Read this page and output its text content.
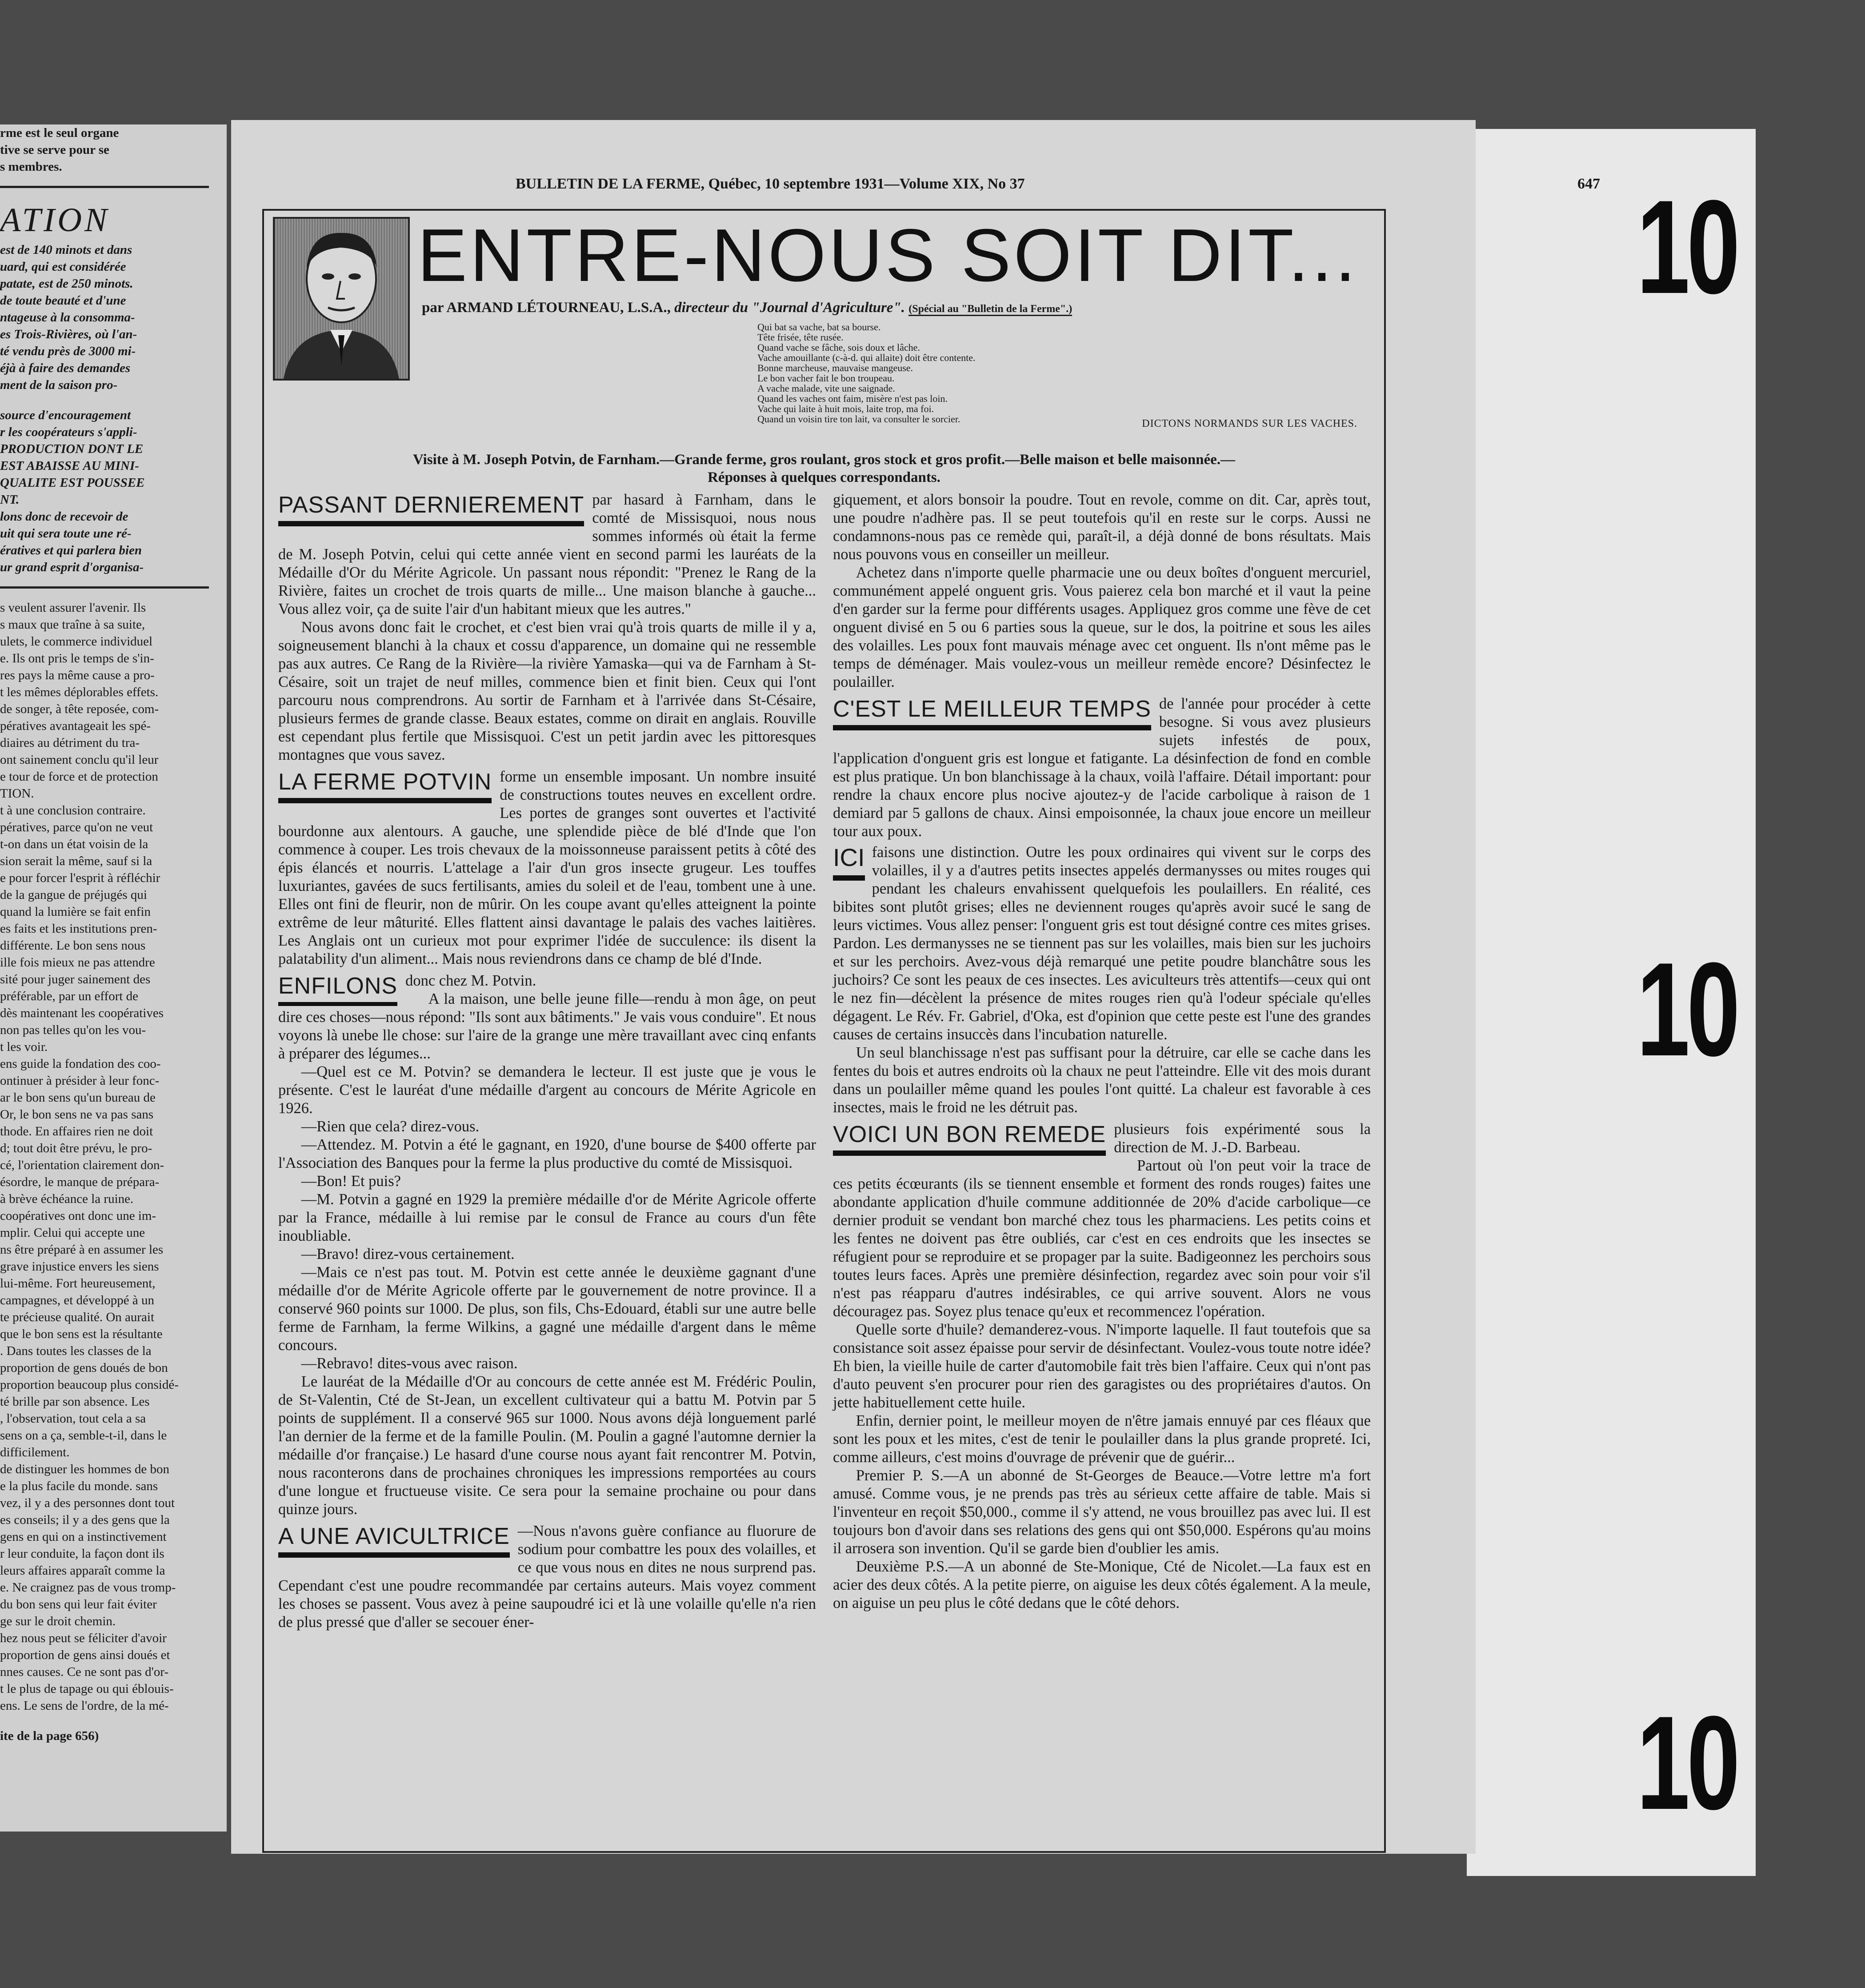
rme est le seul organe

tive se serve pour se

s membres.

ATION

est de 140 minots et dans

uard, qui est considérée

patate, est de 250 minots.

de toute beauté et d'une

ntageuse à la consomma-

es Trois-Rivières, où l'an-

té vendu près de 3000 mi-

éjà à faire des demandes

ment de la saison pro-

source d'encouragement

r les coopérateurs s'appli-

PRODUCTION DONT LE

EST ABAISSE AU MINI-

QUALITE EST POUSSEE

NT.

lons donc de recevoir de

uit qui sera toute une ré-

ératives et qui parlera bien

ur grand esprit d'organisa-

s veulent assurer l'avenir. Ils

s maux que traîne à sa suite,

ulets, le commerce individuel

e. Ils ont pris le temps de s'in-

res pays la même cause a pro-

t les mêmes déplorables effets.

de songer, à tête reposée, com-

pératives avantageait les spé-

diaires au détriment du tra-

ont sainement conclu qu'il leur

e tour de force et de protection

TION.

t à une conclusion contraire.

pératives, parce qu'on ne veut

t-on dans un état voisin de la

sion serait la même, sauf si la

e pour forcer l'esprit à réfléchir

de la gangue de préjugés qui

quand la lumière se fait enfin

es faits et les institutions pren-

différente. Le bon sens nous

ille fois mieux ne pas attendre

sité pour juger sainement des

préférable, par un effort de

dès maintenant les coopératives

non pas telles qu'on les vou-

t les voir.

ens guide la fondation des coo-

ontinuer à présider à leur fonc-

ar le bon sens qu'un bureau de

Or, le bon sens ne va pas sans

thode. En affaires rien ne doit

d; tout doit être prévu, le pro-

cé, l'orientation clairement don-

ésordre, le manque de prépara-

à brève échéance la ruine.

coopératives ont donc une im-

mplir. Celui qui accepte une

ns être préparé à en assumer les

grave injustice envers les siens

lui-même. Fort heureusement,

campagnes, et développé à un

te précieuse qualité. On aurait

que le bon sens est la résultante

. Dans toutes les classes de la

proportion de gens doués de bon

proportion beaucoup plus considé-

té brille par son absence. Les

, l'observation, tout cela a sa

sens on a ça, semble-t-il, dans le

difficilement.

de distinguer les hommes de bon

e la plus facile du monde. sans

vez, il y a des personnes dont tout

es conseils; il y a des gens que la

gens en qui on a instinctivement

r leur conduite, la façon dont ils

leurs affaires apparaît comme la

e. Ne craignez pas de vous tromp-

du bon sens qui leur fait éviter

ge sur le droit chemin.

hez nous peut se féliciter d'avoir

proportion de gens ainsi doués et

nnes causes. Ce ne sont pas d'or-

t le plus de tapage ou qui éblouis-

ens. Le sens de l'ordre, de la mé-

ite de la page 656)

10
10
10
BULLETIN DE LA FERME, Québec, 10 septembre 1931—Volume XIX, No 37	647
ENTRE-NOUS SOIT DIT...
par ARMAND LÉTOURNEAU, L.S.A., directeur du "Journal d'Agriculture". (Spécial au "Bulletin de la Ferme".)
Qui bat sa vache, bat sa bourse.
Tête frisée, tête rusée.
Quand vache se fâche, sois doux et lâche.
Vache amouillante (c-à-d. qui allaite) doit être contente.
Bonne marcheuse, mauvaise mangeuse.
Le bon vacher fait le bon troupeau.
A vache malade, vite une saignade.
Quand les vaches ont faim, misère n'est pas loin.
Vache qui laite à huit mois, laite trop, ma foi.
Quand un voisin tire ton lait, va consulter le sorcier.	DICTONS NORMANDS SUR LES VACHES.
Visite à M. Joseph Potvin, de Farnham.—Grande ferme, gros roulant, gros stock et gros profit.—Belle maison et belle maisonnée.—
Réponses à quelques correspondants.

PASSANT DERNIEREMENT par hasard à Farnham, dans le comté de Missisquoi, nous nous sommes informés où était la ferme de M. Joseph Potvin, celui qui cette année vient en second parmi les lauréats de la Médaille d'Or du Mérite Agricole. Un passant nous répondit: "Prenez le Rang de la Rivière, faites un crochet de trois quarts de mille... Une maison blanche à gauche... Vous allez voir, ça de suite l'air d'un habitant mieux que les autres."

Nous avons donc fait le crochet, et c'est bien vrai qu'à trois quarts de mille il y a, soigneusement blanchi à la chaux et cossu d'apparence, un domaine qui ne ressemble pas aux autres. Ce Rang de la Rivière—la rivière Yamaska—qui va de Farnham à St-Césaire, soit un trajet de neuf milles, commence bien et finit bien. Ceux qui l'ont parcouru nous comprendrons. Au sortir de Farnham et à l'arrivée dans St-Césaire, plusieurs fermes de grande classe. Beaux estates, comme on dirait en anglais. Rouville est cependant plus fertile que Missisquoi. C'est un petit jardin avec les pittoresques montagnes que vous savez.

LA FERME POTVIN forme un ensemble imposant. Un nombre insuité de constructions toutes neuves en excellent ordre. Les portes de granges sont ouvertes et l'activité bourdonne aux alentours. A gauche, une splendide pièce de blé d'Inde que l'on commence à couper. Les trois chevaux de la moissonneuse paraissent petits à côté des épis élancés et nourris. L'attelage a l'air d'un gros insecte grugeur. Les touffes luxuriantes, gavées de sucs fertilisants, amies du soleil et de l'eau, tombent une à une. Elles ont fini de fleurir, non de mûrir. On les coupe avant qu'elles atteignent la pointe extrême de leur mâturité. Elles flattent ainsi davantage le palais des vaches laitières. Les Anglais ont un curieux mot pour exprimer l'idée de succulence: ils disent la palatability d'un aliment... Mais nous reviendrons dans ce champ de blé d'Inde.

ENFILONS donc chez M. Potvin.

A la maison, une belle jeune fille—rendu à mon âge, on peut dire ces choses—nous répond: "Ils sont aux bâtiments." Je vais vous conduire". Et nous voyons là unebe lle chose: sur l'aire de la grange une mère travaillant avec cinq enfants à préparer des légumes...

—Quel est ce M. Potvin? se demandera le lecteur. Il est juste que je vous le présente. C'est le lauréat d'une médaille d'argent au concours de Mérite Agricole en 1926.

—Rien que cela? direz-vous.

—Attendez. M. Potvin a été le gagnant, en 1920, d'une bourse de $400 offerte par l'Association des Banques pour la ferme la plus productive du comté de Missisquoi.

—Bon! Et puis?

—M. Potvin a gagné en 1929 la première médaille d'or de Mérite Agricole offerte par la France, médaille à lui remise par le consul de France au cours d'un fête inoubliable.

—Bravo! direz-vous certainement.

—Mais ce n'est pas tout. M. Potvin est cette année le deuxième gagnant d'une médaille d'or de Mérite Agricole offerte par le gouvernement de notre province. Il a conservé 960 points sur 1000. De plus, son fils, Chs-Edouard, établi sur une autre belle ferme de Farnham, la ferme Wilkins, a gagné une médaille d'argent dans le même concours.

—Rebravo! dites-vous avec raison.

Le lauréat de la Médaille d'Or au concours de cette année est M. Frédéric Poulin, de St-Valentin, Cté de St-Jean, un excellent cultivateur qui a battu M. Potvin par 5 points de supplément. Il a conservé 965 sur 1000. Nous avons déjà longuement parlé l'an dernier de la ferme et de la famille Poulin. (M. Poulin a gagné l'automne dernier la médaille d'or française.) Le hasard d'une course nous ayant fait rencontrer M. Potvin, nous raconterons dans de prochaines chroniques les impressions remportées au cours d'une longue et fructueuse visite. Ce sera pour la semaine prochaine ou pour dans quinze jours.

A UNE AVICULTRICE —Nous n'avons guère confiance au fluorure de sodium pour combattre les poux des volailles, et ce que vous nous en dites ne nous surprend pas. Cependant c'est une poudre recommandée par certains auteurs. Mais voyez comment les choses se passent. Vous avez à peine saupoudré ici et là une volaille qu'elle n'a rien de plus pressé que d'aller se secouer éner-

giquement, et alors bonsoir la poudre. Tout en revole, comme on dit. Car, après tout, une poudre n'adhère pas. Il se peut toutefois qu'il en reste sur le corps. Aussi ne condamnons-nous pas ce remède qui, paraît-il, a déjà donné de bons résultats. Mais nous pouvons vous en conseiller un meilleur.

Achetez dans n'importe quelle pharmacie une ou deux boîtes d'onguent mercuriel, communément appelé onguent gris. Vous paierez cela bon marché et il vaut la peine d'en garder sur la ferme pour différents usages. Appliquez gros comme une fève de cet onguent divisé en 5 ou 6 parties sous la queue, sur le dos, la poitrine et sous les ailes des volailles. Les poux font mauvais ménage avec cet onguent. Ils n'ont même pas le temps de déménager. Mais voulez-vous un meilleur remède encore? Désinfectez le poulailler.

C'EST LE MEILLEUR TEMPS de l'année pour procéder à cette besogne. Si vous avez plusieurs sujets infestés de poux, l'application d'onguent gris est longue et fatigante. La désinfection de fond en comble est plus pratique. Un bon blanchissage à la chaux, voilà l'affaire. Détail important: pour rendre la chaux encore plus nocive ajoutez-y de l'acide carbolique à raison de 1 demiard par 5 gallons de chaux. Ainsi empoisonnée, la chaux joue encore un meilleur tour aux poux.

ICI faisons une distinction. Outre les poux ordinaires qui vivent sur le corps des volailles, il y a d'autres petits insectes appelés dermanysses ou mites rouges qui pendant les chaleurs envahissent quelquefois les poulaillers. En réalité, ces bibites sont plutôt grises; elles ne deviennent rouges qu'après avoir sucé le sang de leurs victimes. Vous allez penser: l'onguent gris est tout désigné contre ces mites grises. Pardon. Les dermanysses ne se tiennent pas sur les volailles, mais bien sur les juchoirs et sur les perchoirs. Avez-vous déjà remarqué une petite poudre blanchâtre sous les juchoirs? Ce sont les peaux de ces insectes. Les aviculteurs très attentifs—ceux qui ont le nez fin—décèlent la présence de mites rouges rien qu'à l'odeur spéciale qu'elles dégagent. Le Rév. Fr. Gabriel, d'Oka, est d'opinion que cette peste est l'une des grandes causes de certains insuccès dans l'incubation naturelle.

Un seul blanchissage n'est pas suffisant pour la détruire, car elle se cache dans les fentes du bois et autres endroits où la chaux ne peut l'atteindre. Elle vit des mois durant dans un poulailler même quand les poules l'ont quitté. La chaleur est favorable à ces insectes, mais le froid ne les détruit pas.

VOICI UN BON REMEDE plusieurs fois expérimenté sous la direction de M. J.-D. Barbeau.

Partout où l'on peut voir la trace de ces petits écœurants (ils se tiennent ensemble et forment des ronds rouges) faites une abondante application d'huile commune additionnée de 20% d'acide carbolique—ce dernier produit se vendant bon marché chez tous les pharmaciens. Les petits coins et les fentes ne doivent pas être oubliés, car c'est en ces endroits que les insectes se réfugient pour se reproduire et se propager par la suite. Badigeonnez les perchoirs sous toutes leurs faces. Après une première désinfection, regardez avec soin pour voir s'il n'est pas réapparu d'autres indésirables, ce qui arrive souvent. Alors ne vous découragez pas. Soyez plus tenace qu'eux et recommencez l'opération.

Quelle sorte d'huile? demanderez-vous. N'importe laquelle. Il faut toutefois que sa consistance soit assez épaisse pour servir de désinfectant. Voulez-vous toute notre idée? Eh bien, la vieille huile de carter d'automobile fait très bien l'affaire. Ceux qui n'ont pas d'auto peuvent s'en procurer pour rien des garagistes ou des propriétaires d'autos. On jette habituellement cette huile.

Enfin, dernier point, le meilleur moyen de n'être jamais ennuyé par ces fléaux que sont les poux et les mites, c'est de tenir le poulailler dans la plus grande propreté. Ici, comme ailleurs, c'est moins d'ouvrage de prévenir que de guérir...

Premier P. S.—A un abonné de St-Georges de Beauce.—Votre lettre m'a fort amusé. Comme vous, je ne prends pas très au sérieux cette affaire de table. Mais si l'inventeur en reçoit $50,000., comme il s'y attend, ne vous brouillez pas avec lui. Il est toujours bon d'avoir dans ses relations des gens qui ont $50,000. Espérons qu'au moins il arrosera son invention. Qu'il se garde bien d'oublier les amis.

Deuxième P.S.—A un abonné de Ste-Monique, Cté de Nicolet.—La faux est en acier des deux côtés. A la petite pierre, on aiguise les deux côtés également. A la meule, on aiguise un peu plus le côté dedans que le côté dehors.
